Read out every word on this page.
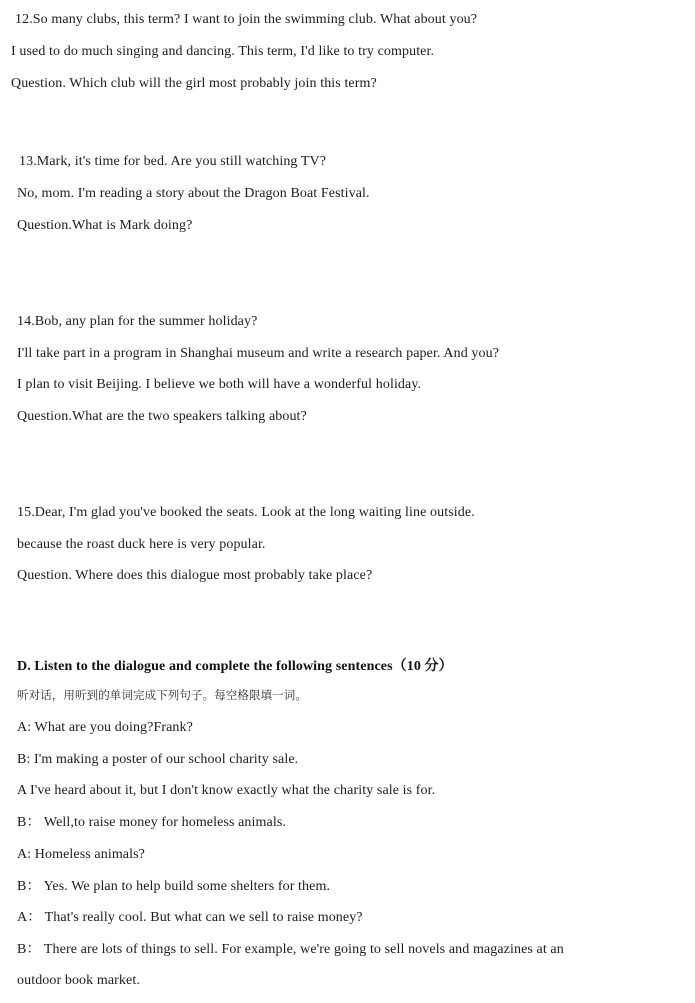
12.So many clubs, this term? I want to join the swimming club. What about you?
I used to do much singing and dancing. This term, I'd like to try computer.
Question. Which club will the girl most probably join this term?
13.Mark, it's time for bed. Are you still watching TV?
No, mom. I'm reading a story about the Dragon Boat Festival.
Question.What is Mark doing?
14.Bob, any plan for the summer holiday?
I'll take part in a program in Shanghai museum and write a research paper. And you?
I plan to visit Beijing. I believe we both will have a wonderful holiday.
Question.What are the two speakers talking about?
15.Dear, I'm glad you've booked the seats. Look at the long waiting line outside.
because the roast duck here is very popular.
Question. Where does this dialogue most probably take place?
D. Listen to the dialogue and complete the following sentences（10 分）
听对话，用听到的单词完成下列句子。每空格限填一词。
A: What are you doing?Frank?
B: I'm making a poster of our school charity sale.
A I've heard about it, but I don't know exactly what the charity sale is for.
B： Well,to raise money for homeless animals.
A: Homeless animals?
B： Yes. We plan to help build some shelters for them.
A： That's really cool. But what can we sell to raise money?
B： There are lots of things to sell. For example, we're going to sell novels and magazines at an
outdoor book market.
